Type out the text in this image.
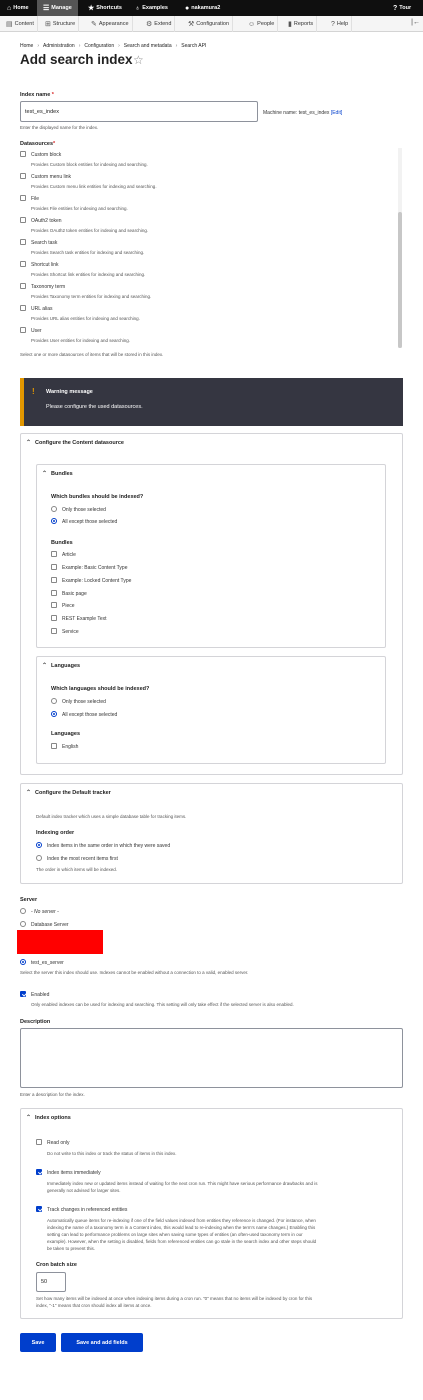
⌂ Home ☰ Manage ★ Shortcuts ♁ Examples ● nakamura2	? Tour
▤ Content ⊞ Structure ✎ Appearance ⚙ Extend ⚒ Configuration	☺ People ▮ Reports	? Help	|←
Home › Administration › Configuration › Search and metadata › Search API
Add search index ☆
Index name *
test_es_index	Machine name: test_es_index [Edit]
Enter the displayed name for the index.
Datasources*
Custom block
Provides Custom block entities for indexing and searching.
Custom menu link
Provides Custom menu link entities for indexing and searching.
File
Provides File entities for indexing and searching.
OAuth2 token
Provides OAuth2 token entities for indexing and searching.
Search task
Provides Search task entities for indexing and searching.
Shortcut link
Provides Shortcut link entities for indexing and searching.
Taxonomy term
Provides Taxonomy term entities for indexing and searching.
URL alias
Provides URL alias entities for indexing and searching.
User
Provides User entities for indexing and searching.
Select one or more datasources of items that will be stored in this index.
! Warning message
Please configure the used datasources.
⌃ Configure the Content datasource
⌃ Bundles
Which bundles should be indexed?
Only those selected
All except those selected
Bundles
Article
Example: Basic Content Type
Example: Locked Content Type
Basic page
Piece
REST Example Text
Service
⌃ Languages
Which languages should be indexed?
Only those selected
All except those selected
Languages
English
⌃ Configure the Default tracker
Default index tracker which uses a simple database table for tracking items.
Indexing order
Index items in the same order in which they were saved
Index the most recent items first
The order in which items will be indexed.
Server
- No server -
Database Server
test_es_server
Select the server this index should use. Indexes cannot be enabled without a connection to a valid, enabled server.
Enabled
Only enabled indexes can be used for indexing and searching. This setting will only take effect if the selected server is also enabled.
Description
Enter a description for the index.
⌃ Index options
Read only
Do not write to this index or track the status of items in this index.
Index items immediately
Immediately index new or updated items instead of waiting for the next cron run. This might have serious performance drawbacks and is
generally not advised for larger sites.
Track changes in referenced entities
Automatically queue items for re-indexing if one of the field values indexed from entities they reference is changed. (For instance, when
indexing the name of a taxonomy term in a Content index, this would lead to re-indexing when the term's name changes.) Enabling this
setting can lead to performance problems on large sites when saving some types of entities (an often-used taxonomy term in our
example). However, when the setting is disabled, fields from referenced entities can go stale in the search index and other steps should
be taken to prevent this.
Cron batch size
50
Set how many items will be indexed at once when indexing items during a cron run. "0" means that no items will be indexed by cron for this
index, "-1" means that cron should index all items at once.
Save	Save and add fields
